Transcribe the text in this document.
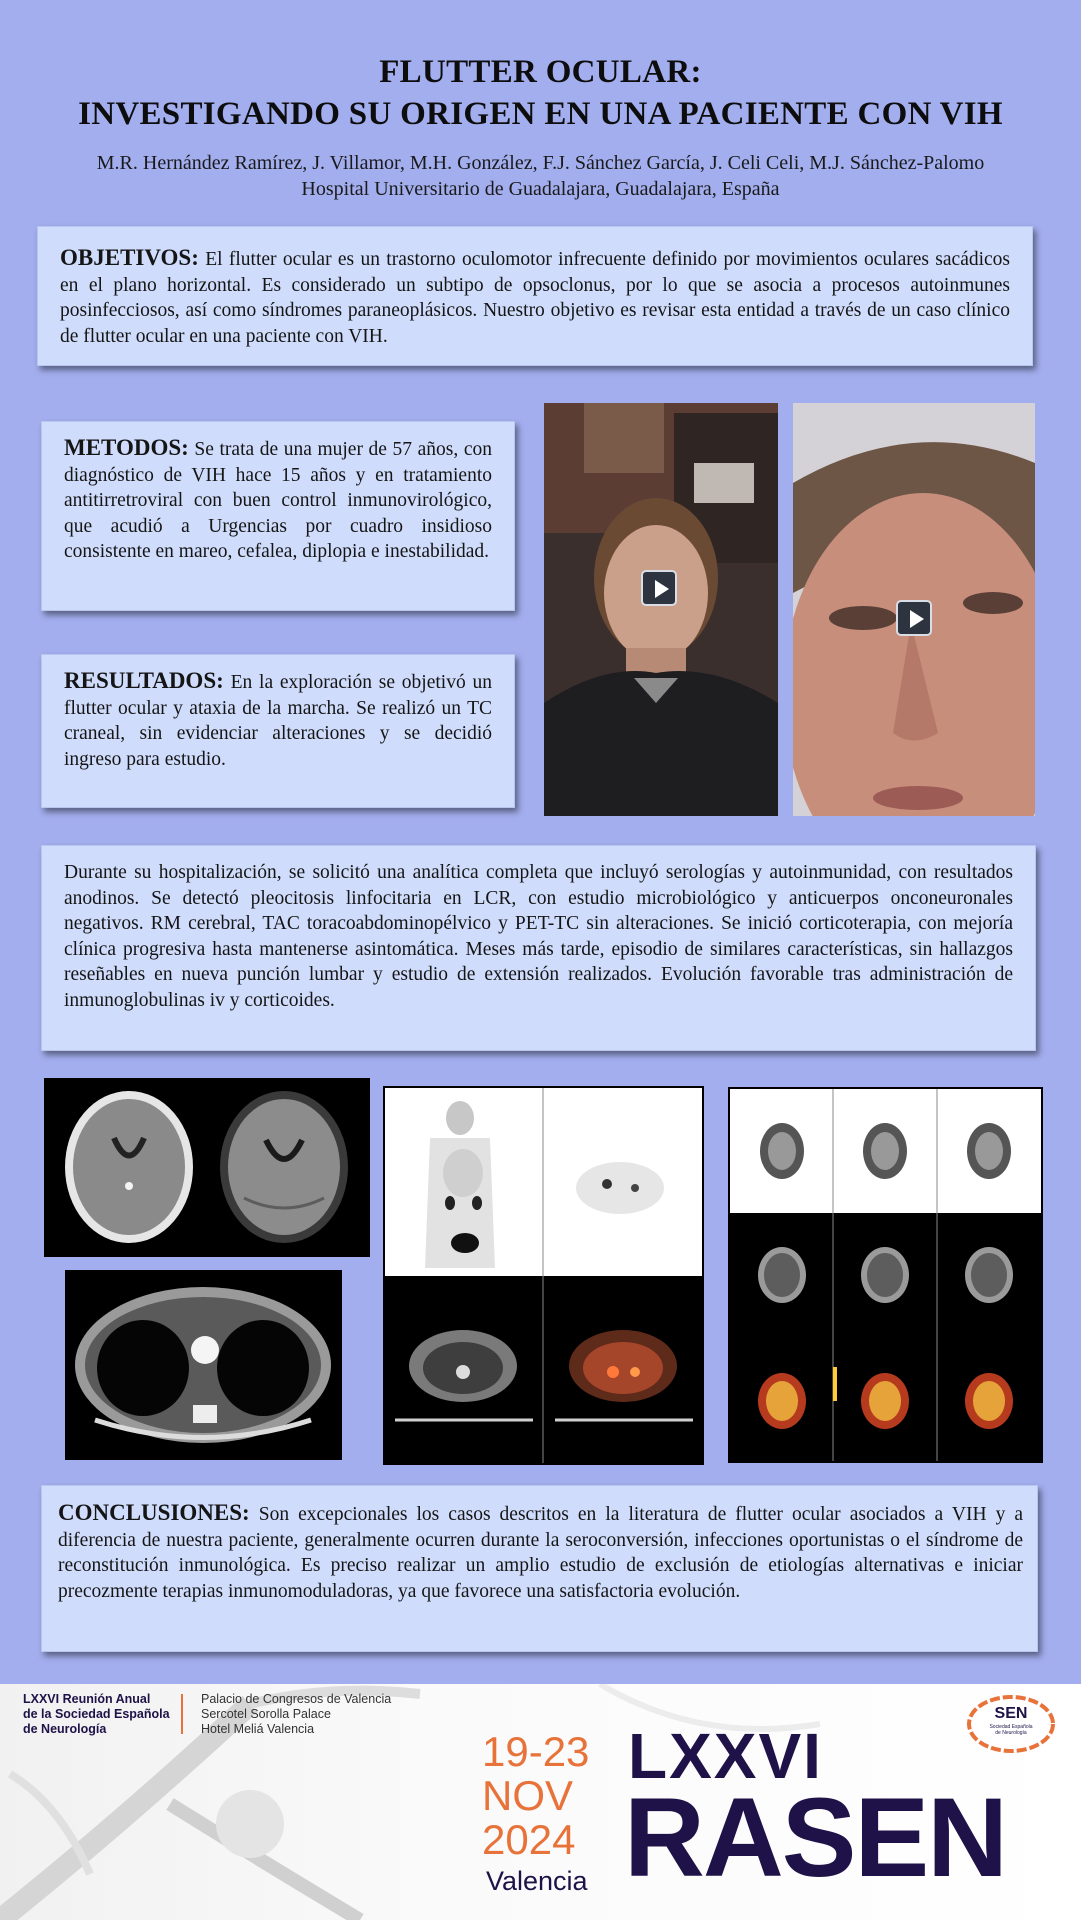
FLUTTER OCULAR:
INVESTIGANDO SU ORIGEN EN UNA PACIENTE CON VIH
M.R. Hernández Ramírez, J. Villamor, M.H. González, F.J. Sánchez García, J. Celi Celi, M.J. Sánchez-Palomo
Hospital Universitario de Guadalajara, Guadalajara, España
OBJETIVOS: El flutter ocular es un trastorno oculomotor infrecuente definido por movimientos oculares sacádicos en el plano horizontal. Es considerado un subtipo de opsoclonus, por lo que se asocia a procesos autoinmunes posinfecciosos, así como síndromes paraneoplásicos. Nuestro objetivo es revisar esta entidad a través de un caso clínico de flutter ocular en una paciente con VIH.
METODOS: Se trata de una mujer de 57 años, con diagnóstico de VIH hace 15 años y en tratamiento antitirretroviral con buen control inmunovirológico, que acudió a Urgencias por cuadro insidioso consistente en mareo, cefalea, diplopia e inestabilidad.
RESULTADOS: En la exploración se objetivó un flutter ocular y ataxia de la marcha. Se realizó un TC craneal, sin evidenciar alteraciones y se decidió ingreso para estudio.
Durante su hospitalización, se solicitó una analítica completa que incluyó serologías y autoinmunidad, con resultados anodinos. Se detectó pleocitosis linfocitaria en LCR, con estudio microbiológico y anticuerpos onconeuronales negativos. RM cerebral, TAC toracoabdominopélvico y PET-TC sin alteraciones. Se inició corticoterapia, con mejoría clínica progresiva hasta mantenerse asintomática. Meses más tarde, episodio de similares características, sin hallazgos reseñables en nueva punción lumbar y estudio de extensión realizados. Evolución favorable tras administración de inmunoglobulinas iv y corticoides.
CONCLUSIONES: Son excepcionales los casos descritos en la literatura de flutter ocular asociados a VIH y a diferencia de nuestra paciente, generalmente ocurren durante la seroconversión, infecciones oportunistas o el síndrome de reconstitución inmunológica. Es preciso realizar un amplio estudio de exclusión de etiologías alternativas e iniciar precozmente terapias inmunomoduladoras, ya que favorece una satisfactoria evolución.
LXXVI Reunión Anual
de la Sociedad Española
de Neurología
Palacio de Congresos de Valencia
Sercotel Sorolla Palace
Hotel Meliá Valencia	19-23
NOV
2024
Valencia
LXXVI
RASEN
SEN
Sociedad Española
de Neurología
